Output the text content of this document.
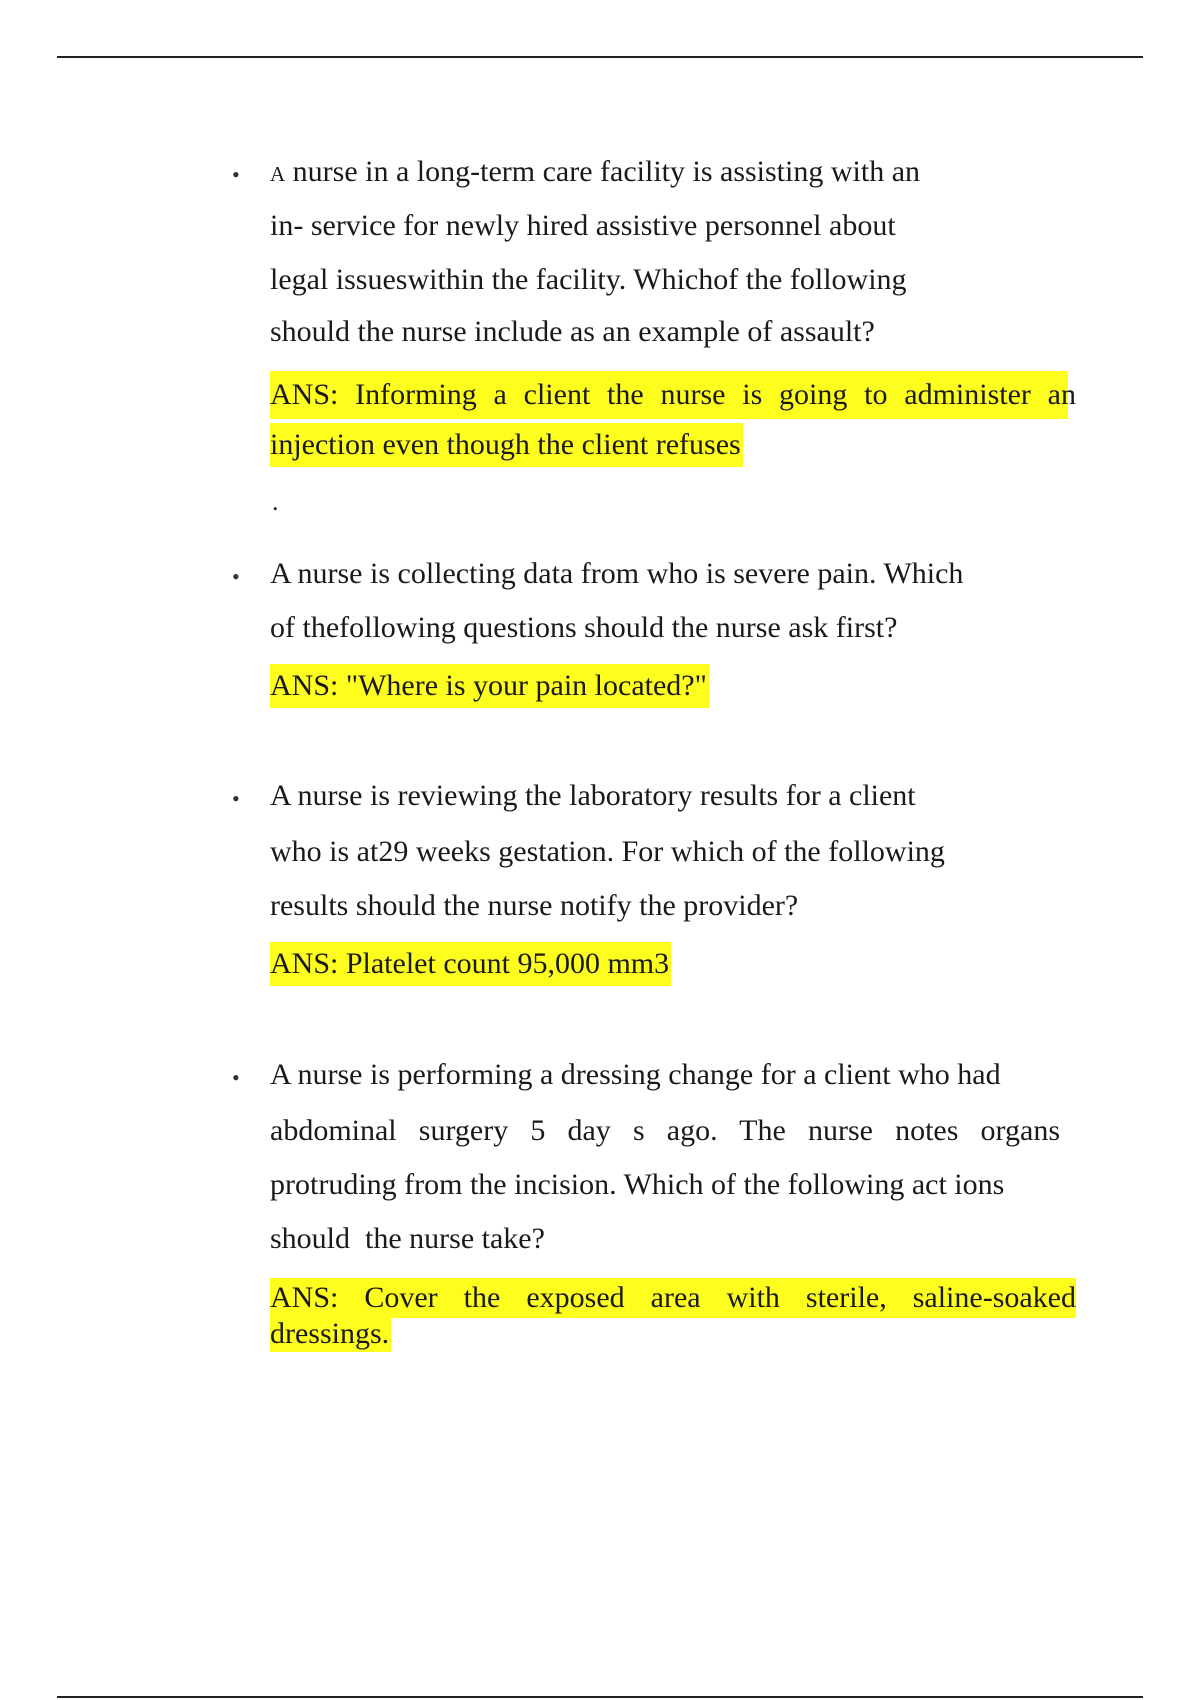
• A nurse in a long-term care facility is assisting with an
in- service for newly hired assistive personnel about
legal issueswithin the facility. Whichof the following
should the nurse include as an example of assault?
ANS: Informing a client the nurse is going to administer an
injection even though the client refuses
.
• A nurse is collecting data from who is severe pain. Which
of thefollowing questions should the nurse ask first?
ANS: "Where is your pain located?"
• A nurse is reviewing the laboratory results for a client
who is at29 weeks gestation. For which of the following
results should the nurse notify the provider?
ANS: Platelet count 95,000 mm3
• A nurse is performing a dressing change for a client who had
abdominal surgery 5 day s ago. The nurse notes organs
protruding from the incision. Which of the following act ions
should  the nurse take?
ANS: Cover the exposed area with sterile, saline-soaked
dressings.
